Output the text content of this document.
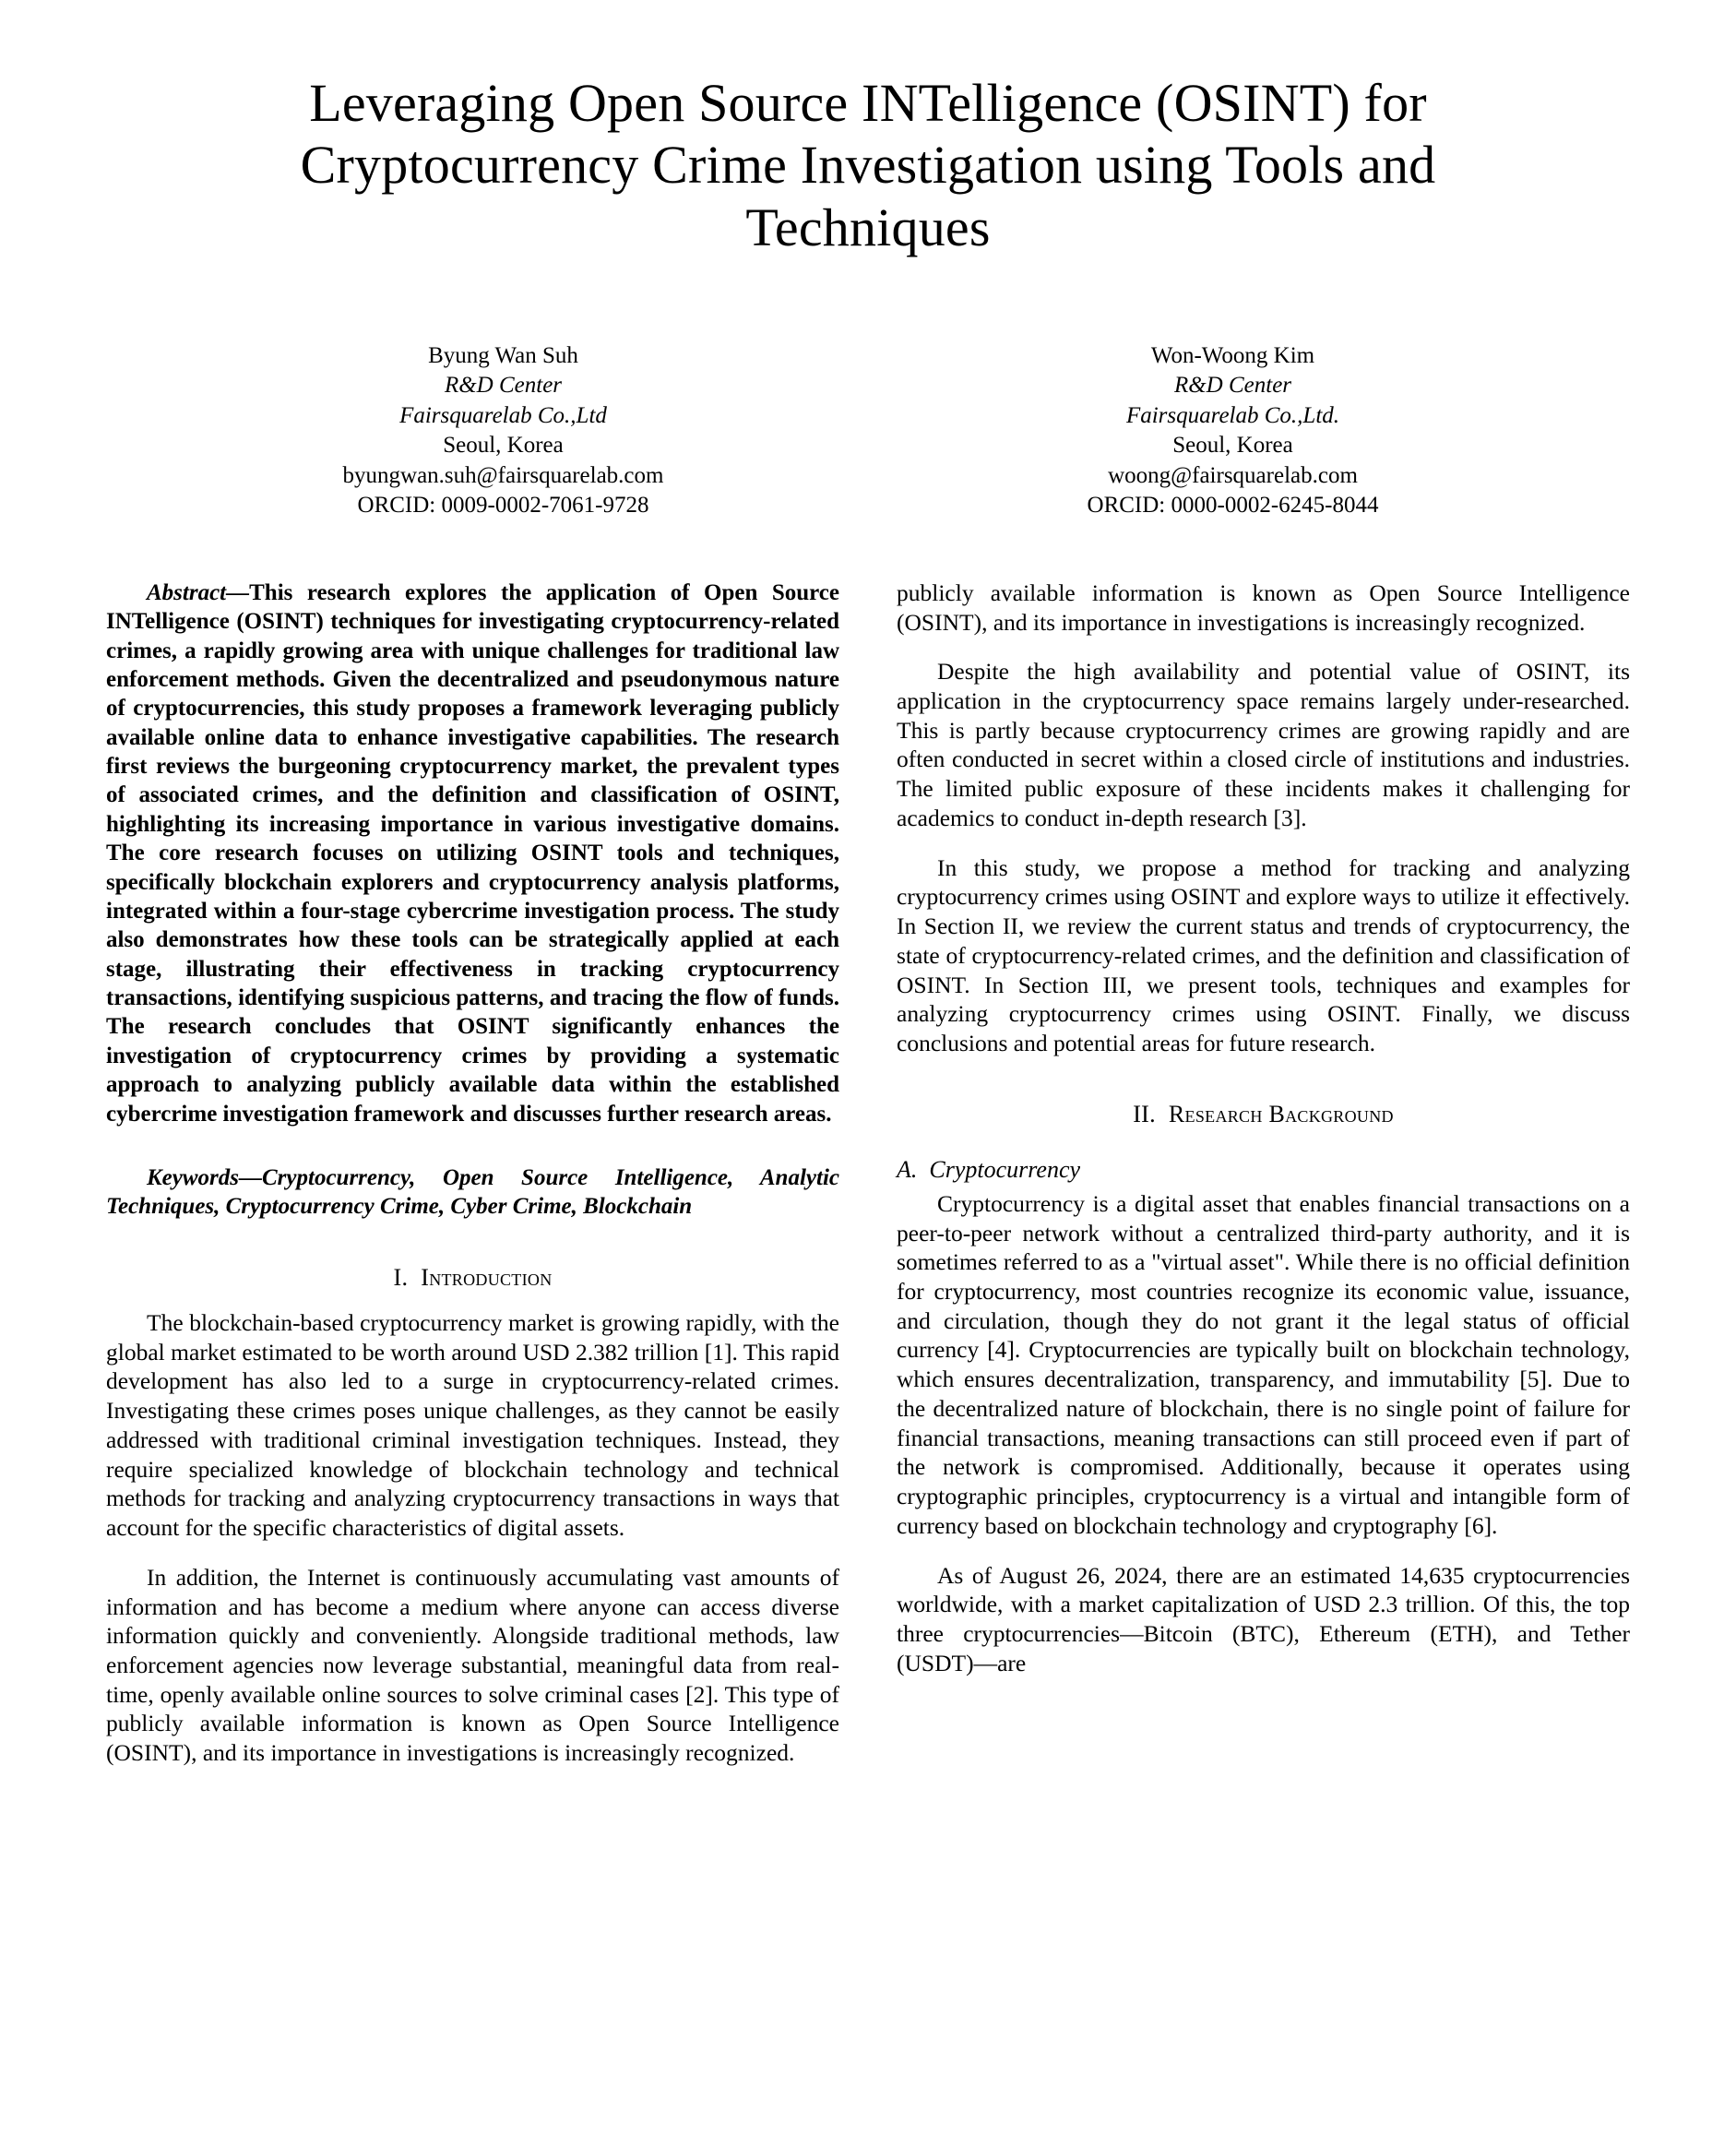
Leveraging Open Source INTelligence (OSINT) for
Cryptocurrency Crime Investigation using Tools and
Techniques
Byung Wan Suh
R&D Center
Fairsquarelab Co.,Ltd
Seoul, Korea
byungwan.suh@fairsquarelab.com
ORCID: 0009-0002-7061-9728
Won-Woong Kim
R&D Center
Fairsquarelab Co.,Ltd.
Seoul, Korea
woong@fairsquarelab.com
ORCID: 0000-0002-6245-8044

Abstract—This research explores the application of Open Source INTelligence (OSINT) techniques for investigating cryptocurrency-related crimes, a rapidly growing area with unique challenges for traditional law enforcement methods. Given the decentralized and pseudonymous nature of cryptocurrencies, this study proposes a framework leveraging publicly available online data to enhance investigative capabilities. The research first reviews the burgeoning cryptocurrency market, the prevalent types of associated crimes, and the definition and classification of OSINT, highlighting its increasing importance in various investigative domains. The core research focuses on utilizing OSINT tools and techniques, specifically blockchain explorers and cryptocurrency analysis platforms, integrated within a four-stage cybercrime investigation process. The study also demonstrates how these tools can be strategically applied at each stage, illustrating their effectiveness in tracking cryptocurrency transactions, identifying suspicious patterns, and tracing the flow of funds. The research concludes that OSINT significantly enhances the investigation of cryptocurrency crimes by providing a systematic approach to analyzing publicly available data within the established cybercrime investigation framework and discusses further research areas.

Keywords—Cryptocurrency, Open Source Intelligence, Analytic Techniques, Cryptocurrency Crime, Cyber Crime, Blockchain

I. Introduction

The blockchain-based cryptocurrency market is growing rapidly, with the global market estimated to be worth around USD 2.382 trillion [1]. This rapid development has also led to a surge in cryptocurrency-related crimes. Investigating these crimes poses unique challenges, as they cannot be easily addressed with traditional criminal investigation techniques. Instead, they require specialized knowledge of blockchain technology and technical methods for tracking and analyzing cryptocurrency transactions in ways that account for the specific characteristics of digital assets.

In addition, the Internet is continuously accumulating vast amounts of information and has become a medium where anyone can access diverse information quickly and conveniently. Alongside traditional methods, law enforcement agencies now leverage substantial, meaningful data from real-time, openly available online sources to solve criminal cases [2]. This type of publicly available information is known as Open Source Intelligence (OSINT), and its importance in investigations is increasingly recognized.

publicly available information is known as Open Source Intelligence (OSINT), and its importance in investigations is increasingly recognized.

Despite the high availability and potential value of OSINT, its application in the cryptocurrency space remains largely under-researched. This is partly because cryptocurrency crimes are growing rapidly and are often conducted in secret within a closed circle of institutions and industries. The limited public exposure of these incidents makes it challenging for academics to conduct in-depth research [3].

In this study, we propose a method for tracking and analyzing cryptocurrency crimes using OSINT and explore ways to utilize it effectively. In Section II, we review the current status and trends of cryptocurrency, the state of cryptocurrency-related crimes, and the definition and classification of OSINT. In Section III, we present tools, techniques and examples for analyzing cryptocurrency crimes using OSINT. Finally, we discuss conclusions and potential areas for future research.

II. Research Background
A. Cryptocurrency

Cryptocurrency is a digital asset that enables financial transactions on a peer-to-peer network without a centralized third-party authority, and it is sometimes referred to as a "virtual asset". While there is no official definition for cryptocurrency, most countries recognize its economic value, issuance, and circulation, though they do not grant it the legal status of official currency [4]. Cryptocurrencies are typically built on blockchain technology, which ensures decentralization, transparency, and immutability [5]. Due to the decentralized nature of blockchain, there is no single point of failure for financial transactions, meaning transactions can still proceed even if part of the network is compromised. Additionally, because it operates using cryptographic principles, cryptocurrency is a virtual and intangible form of currency based on blockchain technology and cryptography [6].

As of August 26, 2024, there are an estimated 14,635 cryptocurrencies worldwide, with a market capitalization of USD 2.3 trillion. Of this, the top three cryptocurrencies—Bitcoin (BTC), Ethereum (ETH), and Tether (USDT)—are
